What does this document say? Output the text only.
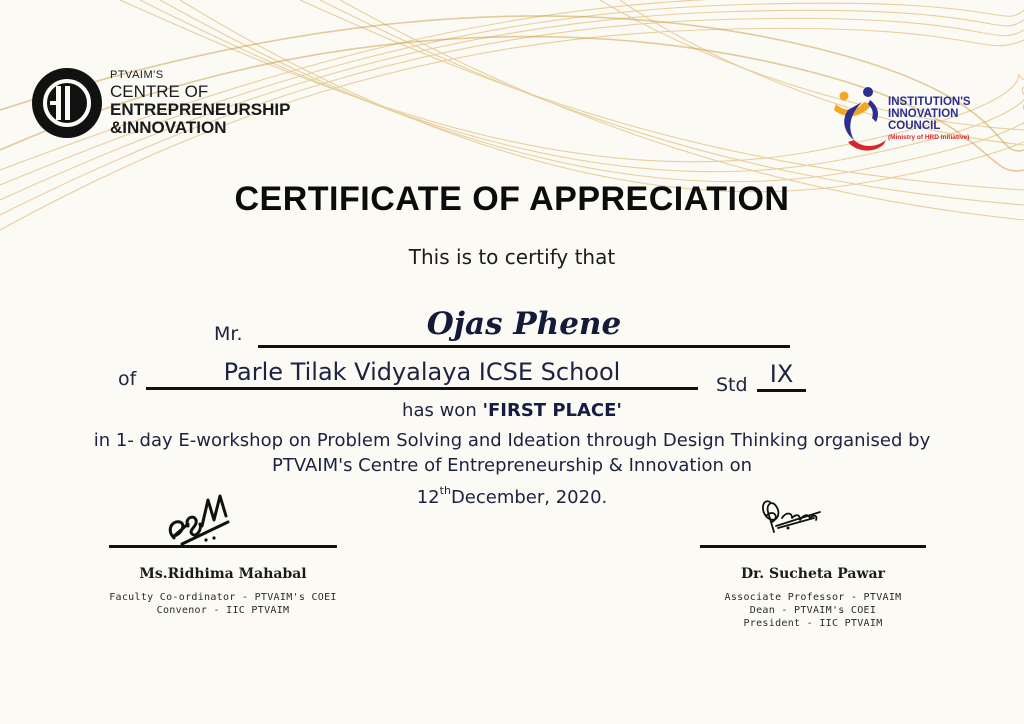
PTVAIM'S
CENTRE OF
ENTREPRENEURSHIP
&INNOVATION
INSTITUTION'S
INNOVATION
COUNCIL
(Ministry of HRD Initiative)
CERTIFICATE OF APPRECIATION
This is to certify that
Mr.	Ojas Phene
of	Parle Tilak Vidyalaya ICSE School	Std IX
has won 'FIRST PLACE'
in 1- day E-workshop on Problem Solving and Ideation through Design Thinking organised by
PTVAIM's Centre of Entrepreneurship & Innovation on
12thDecember, 2020.
Ms.Ridhima Mahabal
Faculty Co-ordinator - PTVAIM's COEI
Convenor - IIC PTVAIM
Dr. Sucheta Pawar
Associate Professor - PTVAIM
Dean - PTVAIM's COEI
President - IIC PTVAIM
